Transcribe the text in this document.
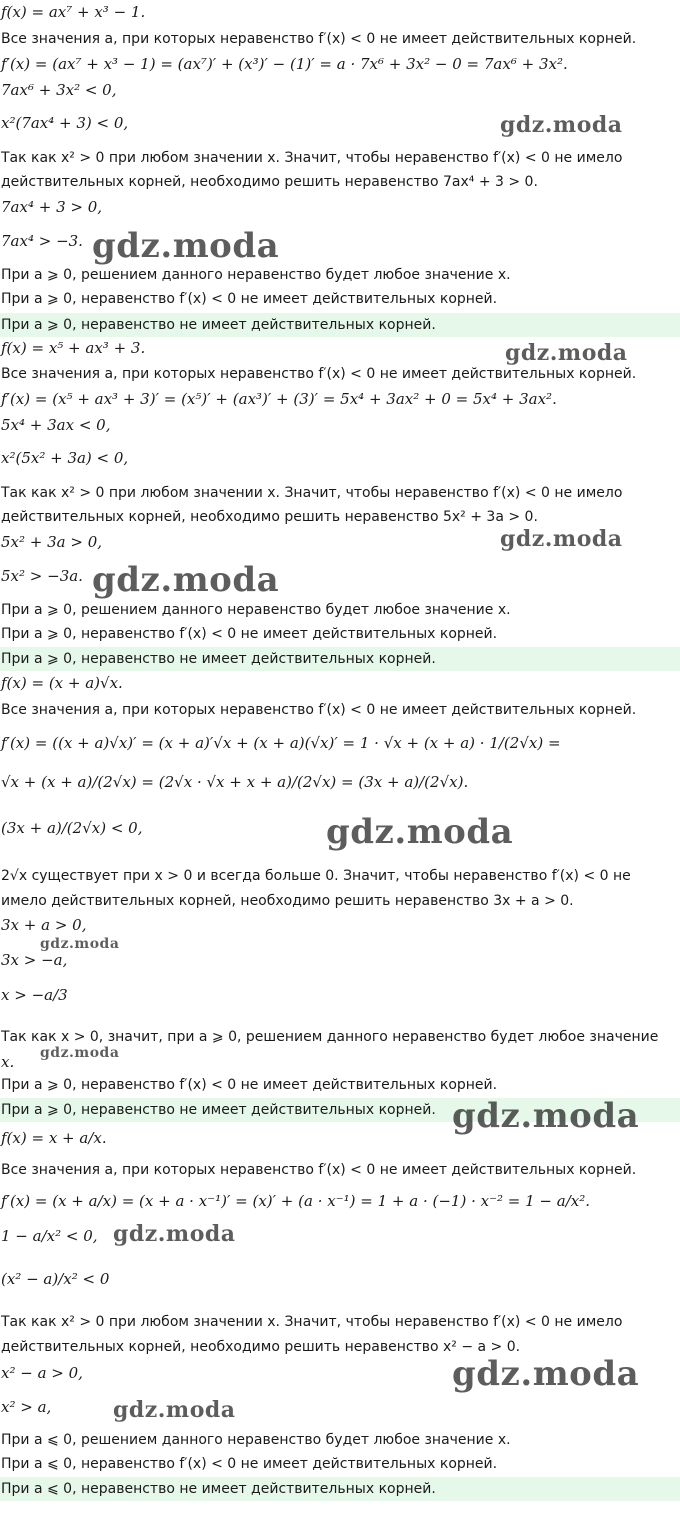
f(x) = ax⁷ + x³ − 1.
Все значения a, при которых неравенство f′(x) < 0 не имеет действительных корней.
f′(x) = (ax⁷ + x³ − 1) = (ax⁷)′ + (x³)′ − (1)′ = a · 7x⁶ + 3x² − 0 = 7ax⁶ + 3x².
7ax⁶ + 3x² < 0,
x²(7ax⁴ + 3) < 0,
Так как x² > 0 при любом значении x. Значит, чтобы неравенство f′(x) < 0 не имело
действительных корней, необходимо решить неравенство 7ax⁴ + 3 > 0.
7ax⁴ + 3 > 0,
7ax⁴ > −3.
При a ⩾ 0, решением данного неравенство будет любое значение x.
При a ⩾ 0, неравенство f′(x) < 0 не имеет действительных корней.
При a ⩾ 0, неравенство не имеет действительных корней.
f(x) = x⁵ + ax³ + 3.
Все значения a, при которых неравенство f′(x) < 0 не имеет действительных корней.
f′(x) = (x⁵ + ax³ + 3)′ = (x⁵)′ + (ax³)′ + (3)′ = 5x⁴ + 3ax² + 0 = 5x⁴ + 3ax².
5x⁴ + 3ax < 0,
x²(5x² + 3a) < 0,
Так как x² > 0 при любом значении x. Значит, чтобы неравенство f′(x) < 0 не имело
действительных корней, необходимо решить неравенство 5x² + 3a > 0.
5x² + 3a > 0,
5x² > −3a.
При a ⩾ 0, решением данного неравенство будет любое значение x.
При a ⩾ 0, неравенство f′(x) < 0 не имеет действительных корней.
При a ⩾ 0, неравенство не имеет действительных корней.
f(x) = (x + a)√x.
Все значения a, при которых неравенство f′(x) < 0 не имеет действительных корней.
f′(x) = ((x + a)√x)′ = (x + a)′√x + (x + a)(√x)′ = 1 · √x + (x + a) · 1/(2√x) =
√x + (x + a)/(2√x) = (2√x · √x + x + a)/(2√x) = (3x + a)/(2√x).
(3x + a)/(2√x) < 0,
2√x существует при x > 0 и всегда больше 0. Значит, чтобы неравенство f′(x) < 0 не
имело действительных корней, необходимо решить неравенство 3x + a > 0.
3x + a > 0,
3x > −a,
x > −a/3
Так как x > 0, значит, при a ⩾ 0, решением данного неравенство будет любое значение
x.
При a ⩾ 0, неравенство f′(x) < 0 не имеет действительных корней.
При a ⩾ 0, неравенство не имеет действительных корней.
f(x) = x + a/x.
Все значения a, при которых неравенство f′(x) < 0 не имеет действительных корней.
f′(x) = (x + a/x) = (x + a · x⁻¹)′ = (x)′ + (a · x⁻¹) = 1 + a · (−1) · x⁻² = 1 − a/x².
1 − a/x² < 0,
(x² − a)/x² < 0
Так как x² > 0 при любом значении x. Значит, чтобы неравенство f′(x) < 0 не имело
действительных корней, необходимо решить неравенство x² − a > 0.
x² − a > 0,
x² > a,
При a ⩽ 0, решением данного неравенство будет любое значение x.
При a ⩽ 0, неравенство f′(x) < 0 не имеет действительных корней.
При a ⩽ 0, неравенство не имеет действительных корней.
gdz.moda
gdz.moda
gdz.moda
gdz.moda
gdz.moda
gdz.moda
gdz.moda
gdz.moda
gdz.moda
gdz.moda
gdz.moda
gdz.moda
